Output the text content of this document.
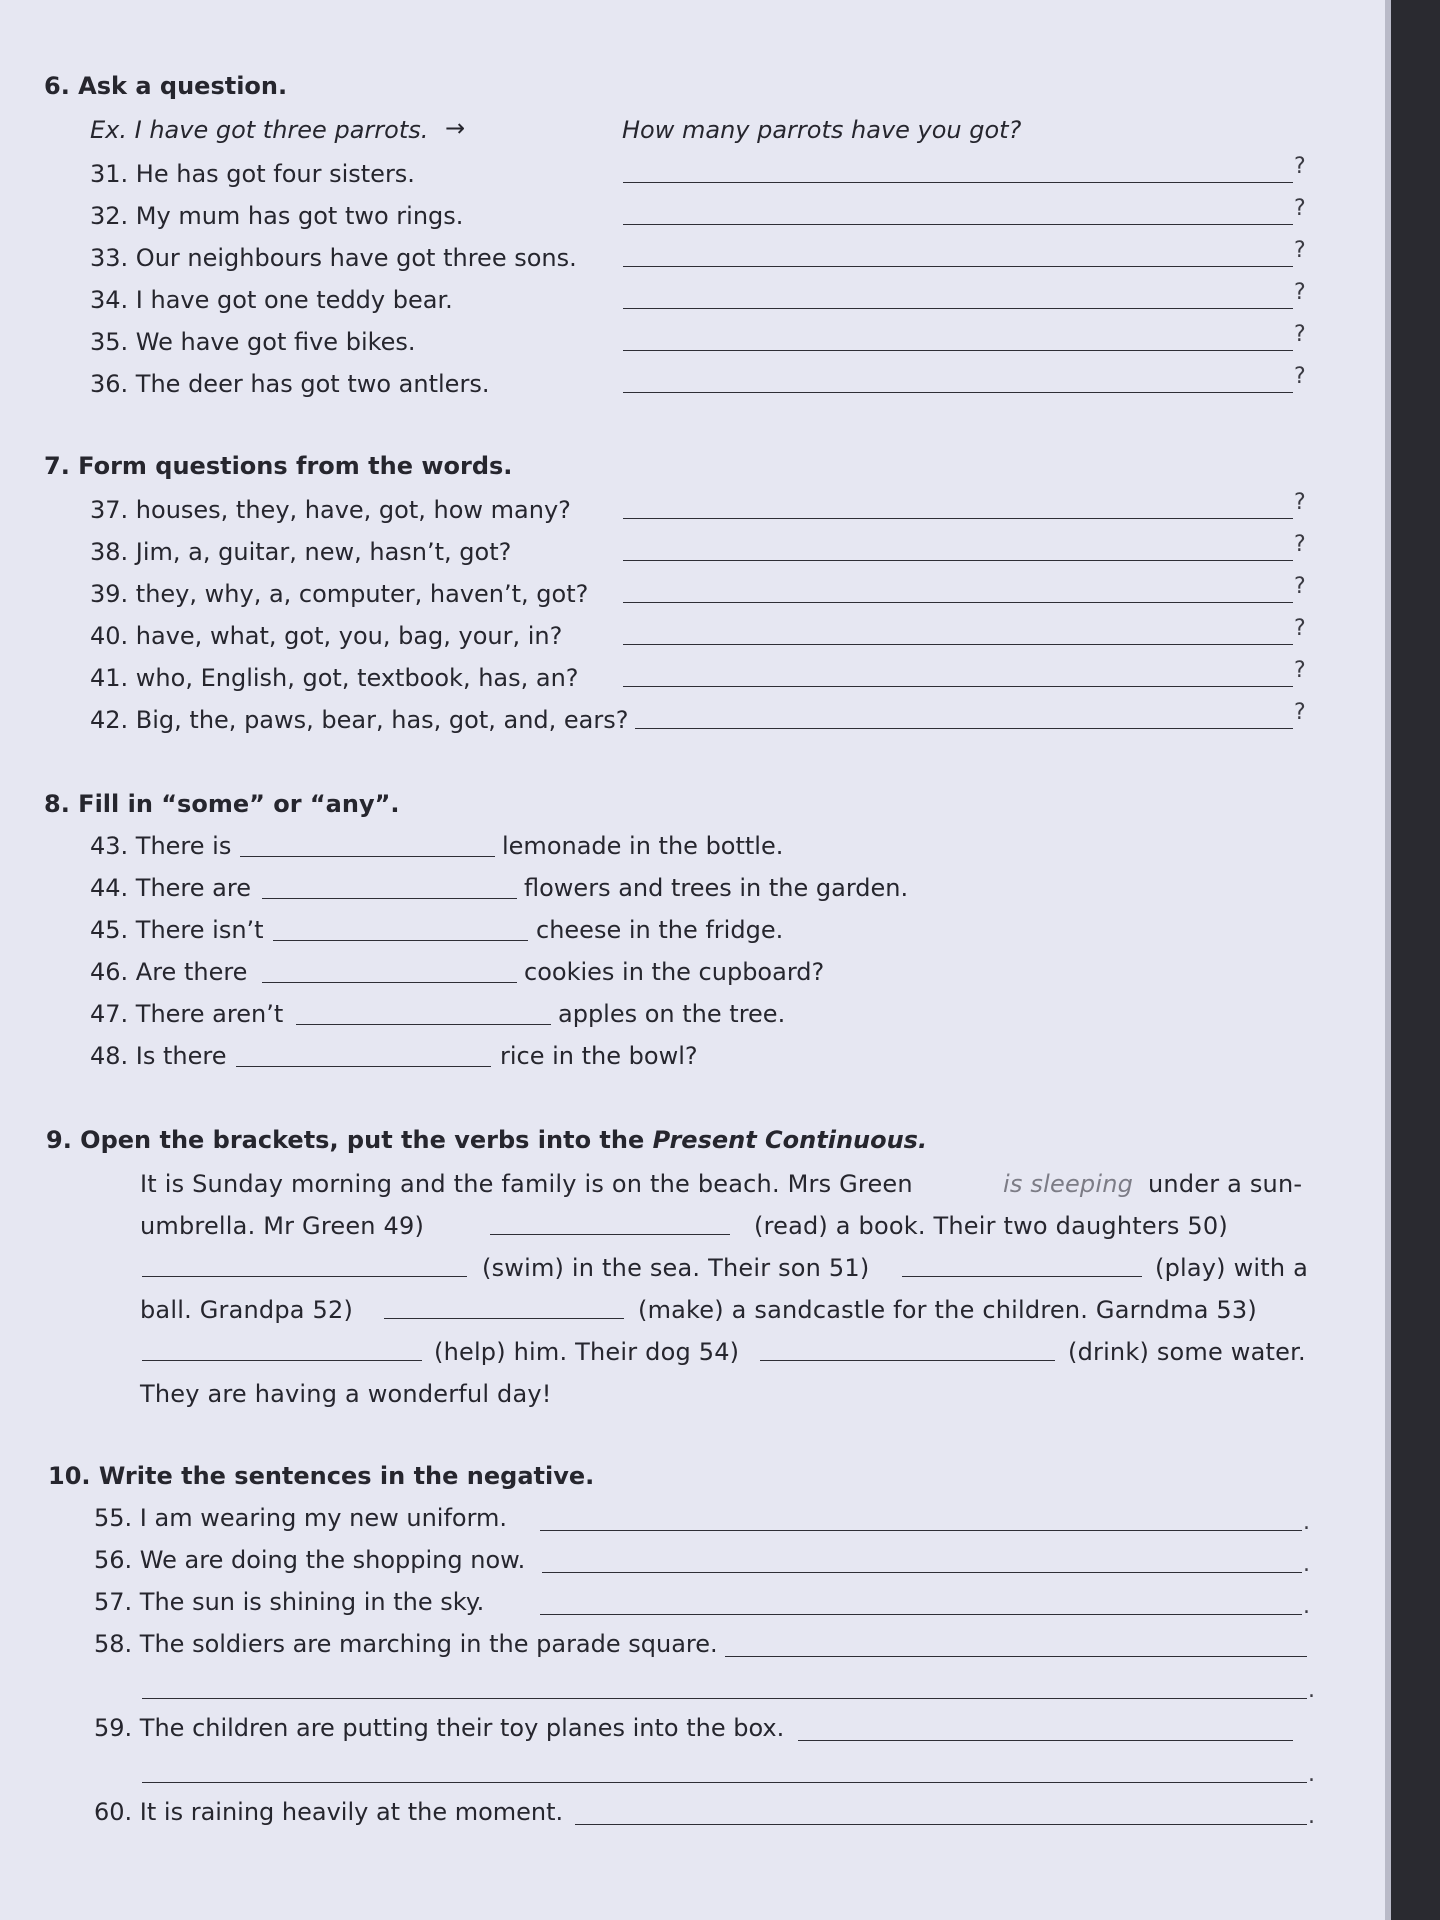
6. Ask a question.
Ex. I have got three parrots. →	How many parrots have you got?
31. He has got four sisters.	?
32. My mum has got two rings.	?
33. Our neighbours have got three sons.	?
34. I have got one teddy bear.	?
35. We have got five bikes.	?
36. The deer has got two antlers.	?
7. Form questions from the words.
37. houses, they, have, got, how many?	?
38. Jim, a, guitar, new, hasn’t, got?	?
39. they, why, a, computer, haven’t, got?	?
40. have, what, got, you, bag, your, in?	?
41. who, English, got, textbook, has, an?	?
42. Big, the, paws, bear, has, got, and, ears?	?
8. Fill in “some” or “any”.
43. There is	lemonade in the bottle.
44. There are	flowers and trees in the garden.
45. There isn’t	cheese in the fridge.
46. Are there	cookies in the cupboard?
47. There aren’t	apples on the tree.
48. Is there	rice in the bowl?
9. Open the brackets, put the verbs into the Present Continuous.
It is Sunday morning and the family is on the beach. Mrs Green	is sleeping under a sun-
umbrella. Mr Green 49)	(read) a book. Their two daughters 50)
(swim) in the sea. Their son 51)	(play) with a
ball. Grandpa 52)	(make) a sandcastle for the children. Garndma 53)
(help) him. Their dog 54)	(drink) some water.
They are having a wonderful day!
10. Write the sentences in the negative.
55. I am wearing my new uniform.	.
56. We are doing the shopping now.	.
57. The sun is shining in the sky.	.
58. The soldiers are marching in the parade square.
.
59. The children are putting their toy planes into the box.
.
60. It is raining heavily at the moment.	.
